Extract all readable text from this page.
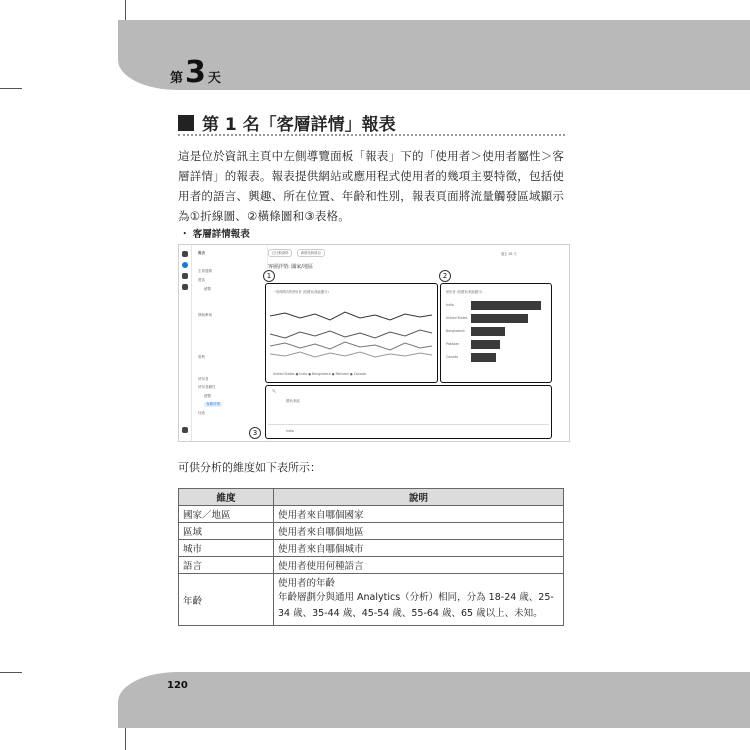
第 3 天
120
第 1 名「客層詳情」報表
這是位於資訊主頁中左側導覽面板「報表」下的「使用者＞使用者屬性＞客層詳情」的報表。報表提供網站或應用程式使用者的幾項主要特徵，包括使用者的語言、興趣、所在位置、年齡和性別，報表頁面將流量觸發區域顯示為①折線圖、②橫條圖和③表格。
・ 客層詳情報表
報表
生命週期
獲客
總覽
開始參與
營利
使用者
使用者屬性
總覽
客層詳情
技術
已比較資料	新增比較項目	過去 28 天
客層詳情: 國家/地區
1	2
3
一段時間內的使用者 (依國家/地區劃分)
United States ● India ● Bangladesh ● Pakistan ● Canada
使用者 (依國家/地區劃分)
India
United States
Bangladesh
Pakistan
Canada
🔍
國家/地區
India
可供分析的維度如下表所示：
維度	說明
國家／地區	使用者來自哪個國家
區域	使用者來自哪個地區
城市	使用者來自哪個城市
語言	使用者使用何種語言
年齡	使用者的年齡
	年齡層劃分與通用 Analytics（分析）相同，分為 18-24 歲、25-34 歲、35-44 歲、45-54 歲、55-64 歲、65 歲以上、未知。
